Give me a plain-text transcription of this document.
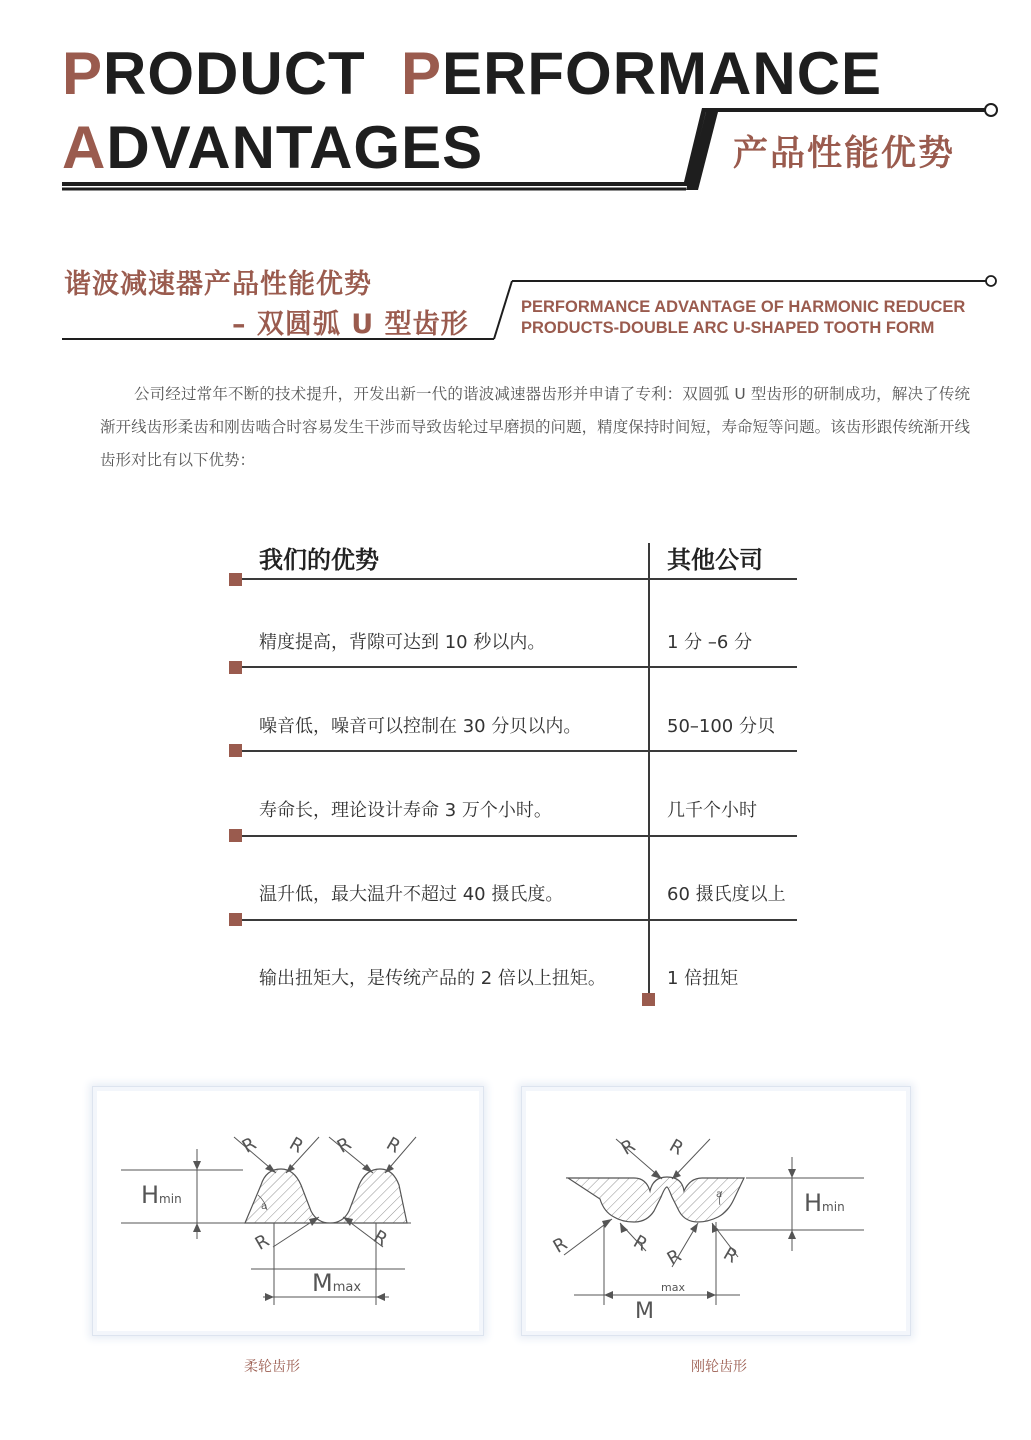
PRODUCT PERFORMANCE
ADVANTAGES	产品性能优势
谐波减速器产品性能优势
– 双圆弧 U 型齿形
PERFORMANCE ADVANTAGE OF HARMONIC REDUCER
PRODUCTS-DOUBLE ARC U-SHAPED TOOTH FORM

公司经过常年不断的技术提升，开发出新一代的谐波减速器齿形并申请了专利：双圆弧 U 型齿形的研制成功，解决了传统渐开线齿形柔齿和刚齿啮合时容易发生干涉而导致齿轮过早磨损的问题，精度保持时间短，寿命短等问题。该齿形跟传统渐开线齿形对比有以下优势：

我们的优势	其他公司
精度提高，背隙可达到 10 秒以内。	1 分 –6 分
噪音低，噪音可以控制在 30 分贝以内。	50–100 分贝
寿命长，理论设计寿命 3 万个小时。	几千个小时
温升低，最大温升不超过 40 摄氏度。	60 摄氏度以上
输出扭矩大，是传统产品的 2 倍以上扭矩。	1 倍扭矩
Hmin
Mmax
a
R R R R
R	R
柔轮齿形
Hmin
max
M
a
R R
R	R
R R
刚轮齿形
